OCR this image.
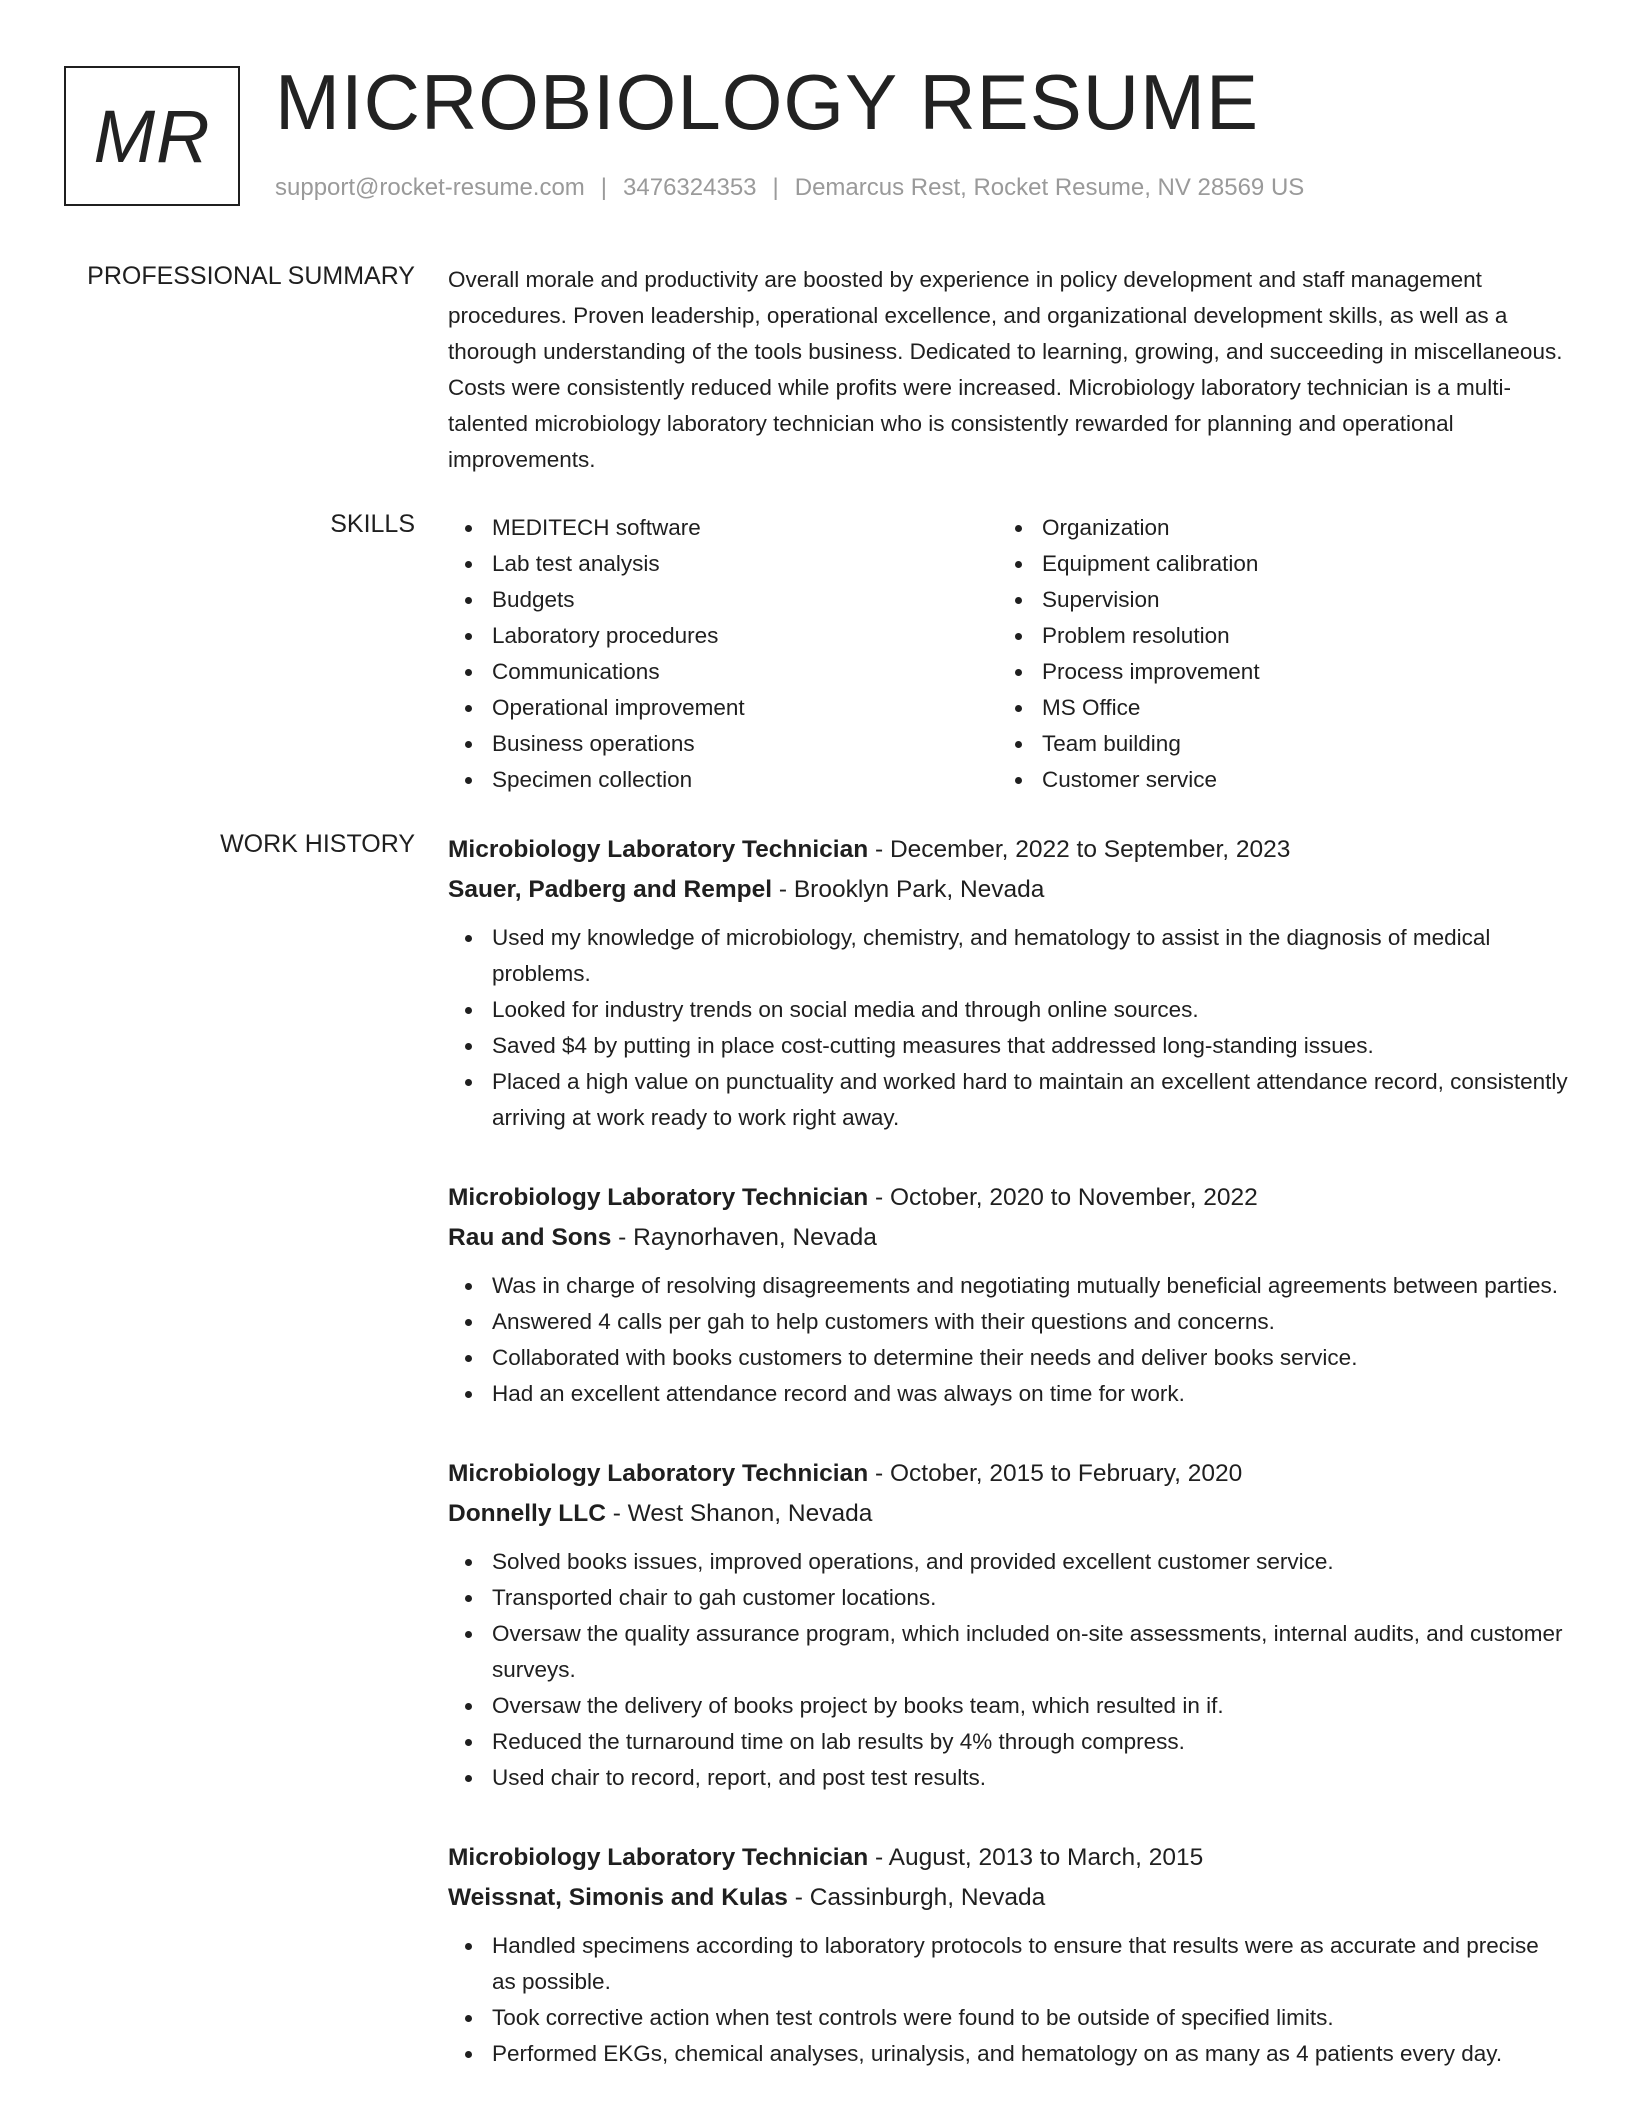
MR MICROBIOLOGY RESUME
support@rocket-resume.com | 3476324353 | Demarcus Rest, Rocket Resume, NV 28569 US
PROFESSIONAL SUMMARY Overall morale and productivity are boosted by experience in policy development and staff management procedures. Proven leadership, operational excellence, and organizational development skills, as well as a thorough understanding of the tools business. Dedicated to learning, growing, and succeeding in miscellaneous. Costs were consistently reduced while profits were increased. Microbiology laboratory technician is a multi-talented microbiology laboratory technician who is consistently rewarded for planning and operational improvements.

SKILLS	MEDITECH software
Lab test analysis
Budgets
Laboratory procedures
Communications
Operational improvement
Business operations
Specimen collection
Organization
Equipment calibration
Supervision
Problem resolution
Process improvement
MS Office
Team building
Customer service
WORK HISTORY Microbiology Laboratory Technician - December, 2022 to September, 2023
Sauer, Padberg and Rempel - Brooklyn Park, Nevada
Used my knowledge of microbiology, chemistry, and hematology to assist in the diagnosis of medical problems.
Looked for industry trends on social media and through online sources.
Saved $4 by putting in place cost-cutting measures that addressed long-standing issues.
Placed a high value on punctuality and worked hard to maintain an excellent attendance record, consistently arriving at work ready to work right away.
Microbiology Laboratory Technician - October, 2020 to November, 2022
Rau and Sons - Raynorhaven, Nevada
Was in charge of resolving disagreements and negotiating mutually beneficial agreements between parties.
Answered 4 calls per gah to help customers with their questions and concerns.
Collaborated with books customers to determine their needs and deliver books service.
Had an excellent attendance record and was always on time for work.
Microbiology Laboratory Technician - October, 2015 to February, 2020
Donnelly LLC - West Shanon, Nevada
Solved books issues, improved operations, and provided excellent customer service.
Transported chair to gah customer locations.
Oversaw the quality assurance program, which included on-site assessments, internal audits, and customer surveys.
Oversaw the delivery of books project by books team, which resulted in if.
Reduced the turnaround time on lab results by 4% through compress.
Used chair to record, report, and post test results.
Microbiology Laboratory Technician - August, 2013 to March, 2015
Weissnat, Simonis and Kulas - Cassinburgh, Nevada
Handled specimens according to laboratory protocols to ensure that results were as accurate and precise as possible.
Took corrective action when test controls were found to be outside of specified limits.
Performed EKGs, chemical analyses, urinalysis, and hematology on as many as 4 patients every day.
